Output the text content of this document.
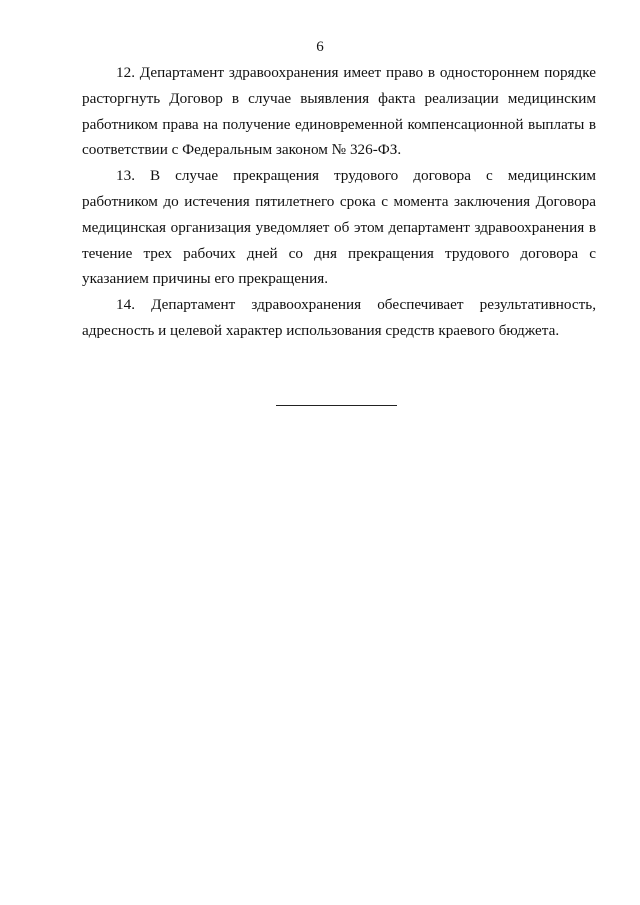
6

12. Департамент здравоохранения имеет право в одностороннем порядке расторгнуть Договор в случае выявления факта реализации медицинским работником права на получение единовременной компенсационной выплаты в соответствии с Федеральным законом № 326-ФЗ.

13. В случае прекращения трудового договора с медицинским работником до истечения пятилетнего срока с момента заключения Договора медицинская организация уведомляет об этом департамент здравоохранения в течение трех рабочих дней со дня прекращения трудового договора с указанием причины его прекращения.

14. Департамент здравоохранения обеспечивает результативность, адресность и целевой характер использования средств краевого бюджета.
